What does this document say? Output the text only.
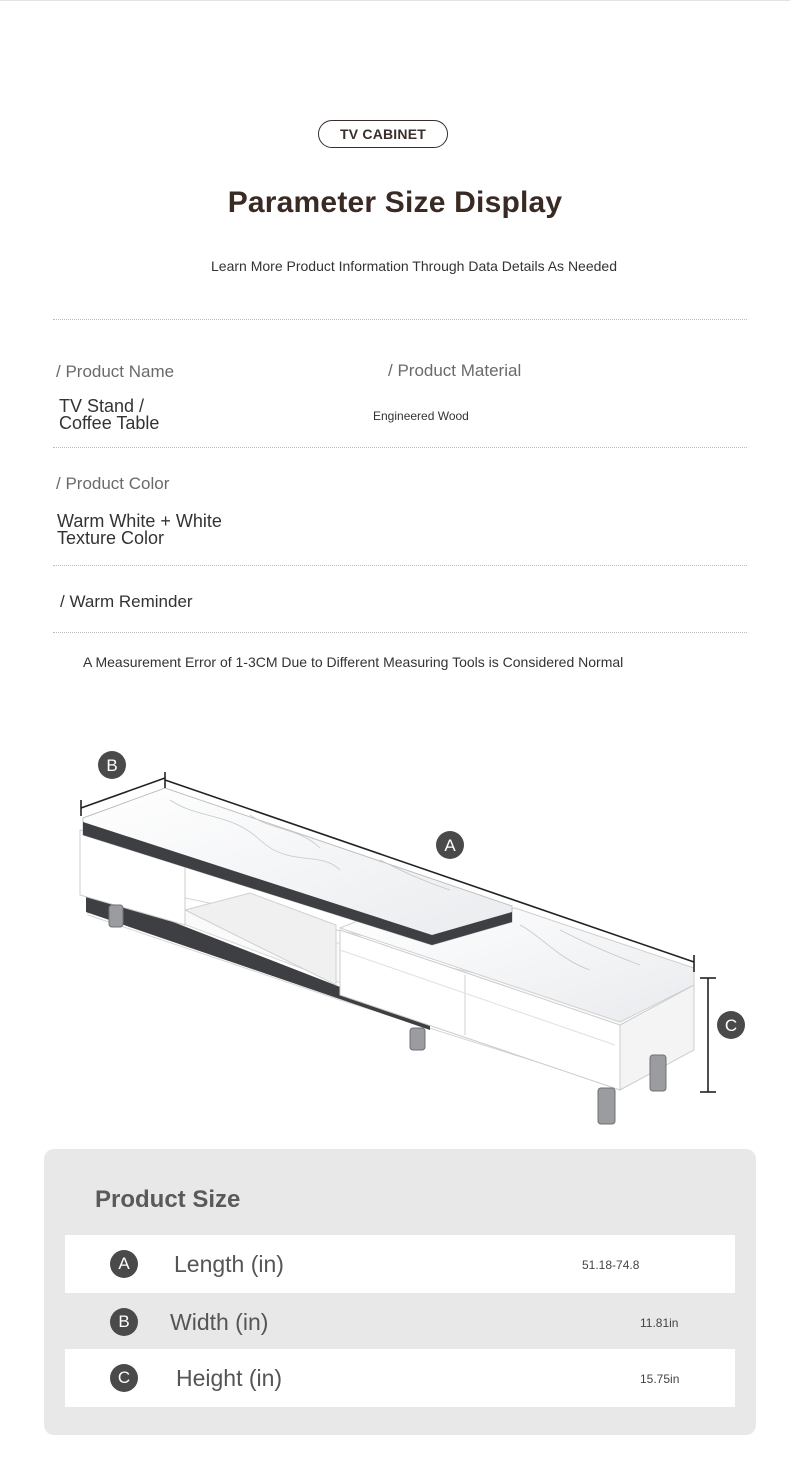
TV CABINET
Parameter Size Display
Learn More Product Information Through Data Details As Needed
/ Product Name
TV Stand /
Coffee Table
/ Product Material
Engineered Wood
/ Product Color
Warm White + White
Texture Color
/ Warm Reminder
A Measurement Error of 1-3CM Due to Different Measuring Tools is Considered Normal
B
A
C
Product Size
A	Length (in)	51.18-74.8
B	Width (in)	11.81in
C	Height (in)	15.75in
